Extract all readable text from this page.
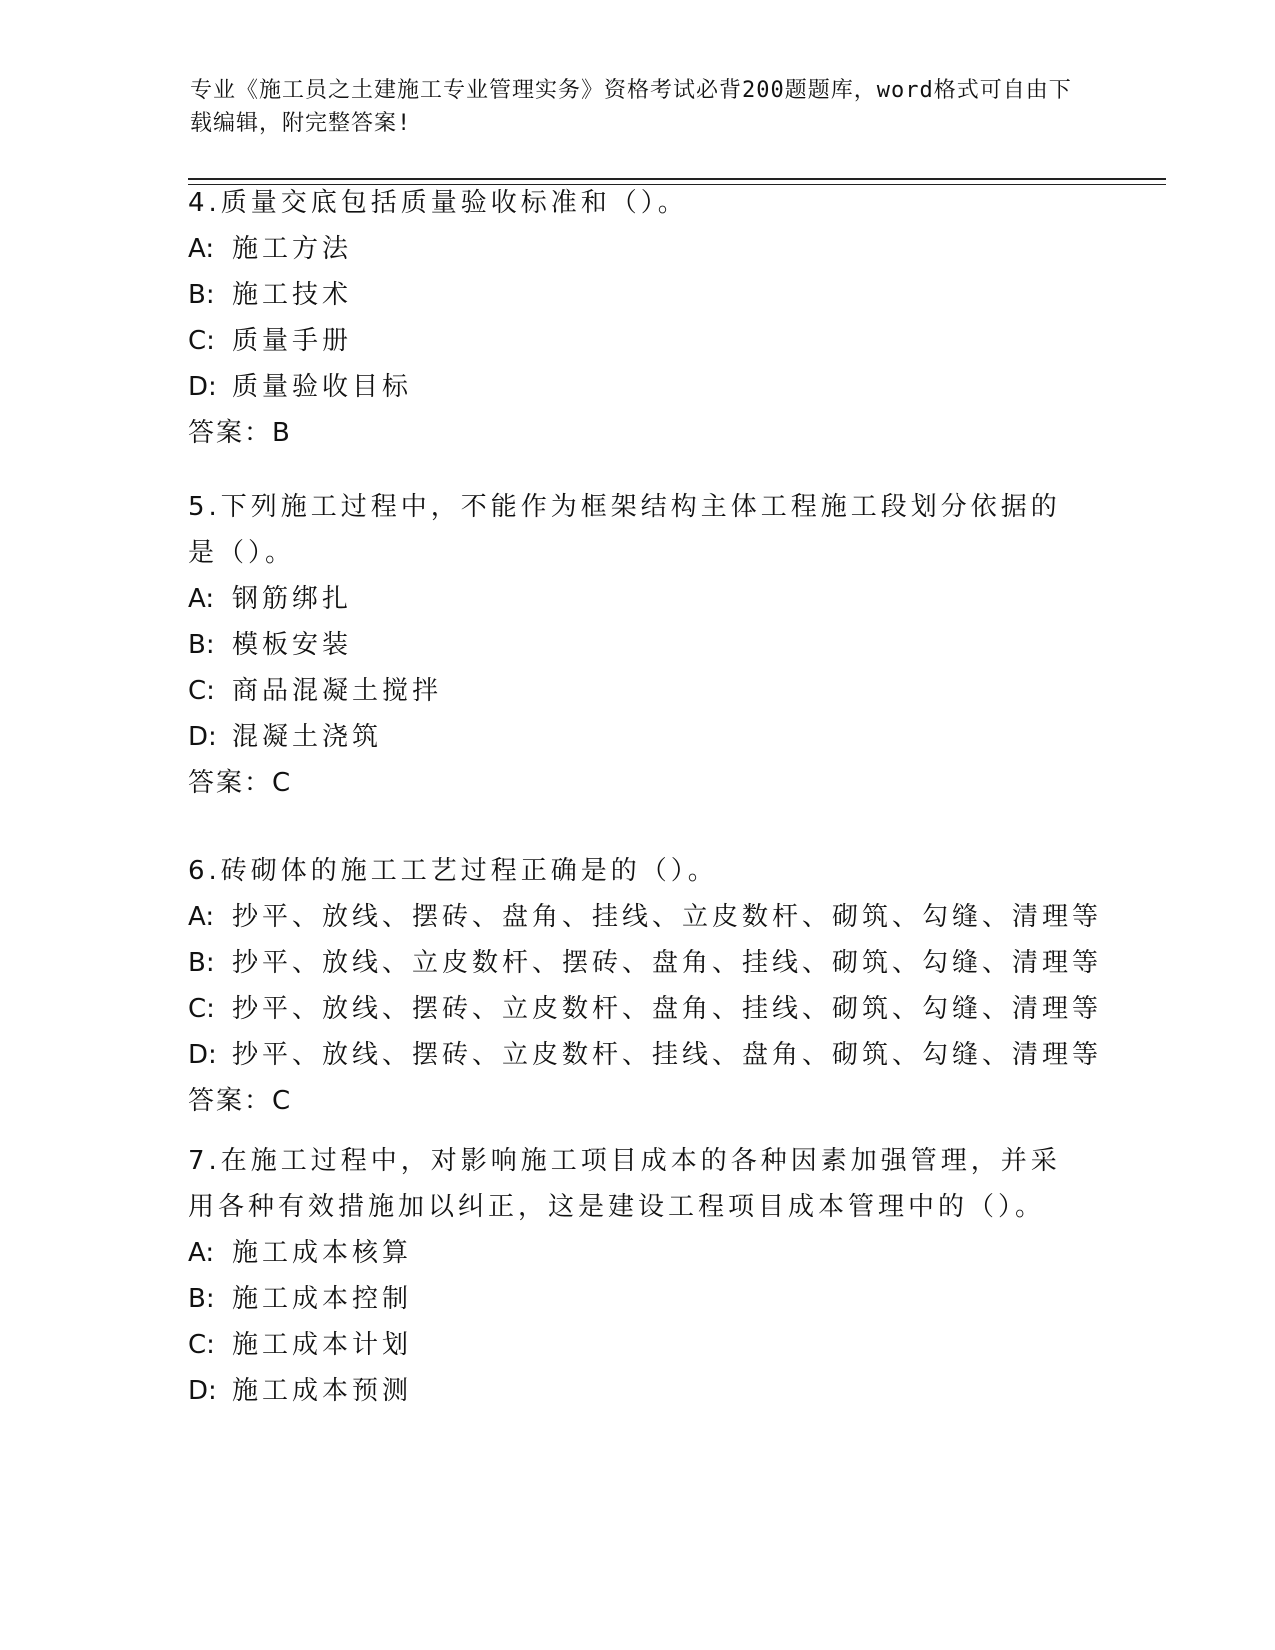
专业《施工员之土建施工专业管理实务》资格考试必背200题题库，word格式可自由下载编辑，附完整答案!
4.质量交底包括质量验收标准和（）。
A: 施工方法
B: 施工技术
C: 质量手册
D: 质量验收目标
答案：B
5.下列施工过程中，不能作为框架结构主体工程施工段划分依据的是（）。
A: 钢筋绑扎
B: 模板安装
C: 商品混凝土搅拌
D: 混凝土浇筑
答案：C
6.砖砌体的施工工艺过程正确是的（）。
A: 抄平、放线、摆砖、盘角、挂线、立皮数杆、砌筑、勾缝、清理等
B: 抄平、放线、立皮数杆、摆砖、盘角、挂线、砌筑、勾缝、清理等
C: 抄平、放线、摆砖、立皮数杆、盘角、挂线、砌筑、勾缝、清理等
D: 抄平、放线、摆砖、立皮数杆、挂线、盘角、砌筑、勾缝、清理等
答案：C
7.在施工过程中，对影响施工项目成本的各种因素加强管理，并采用各种有效措施加以纠正，这是建设工程项目成本管理中的（）。
A: 施工成本核算
B: 施工成本控制
C: 施工成本计划
D: 施工成本预测
